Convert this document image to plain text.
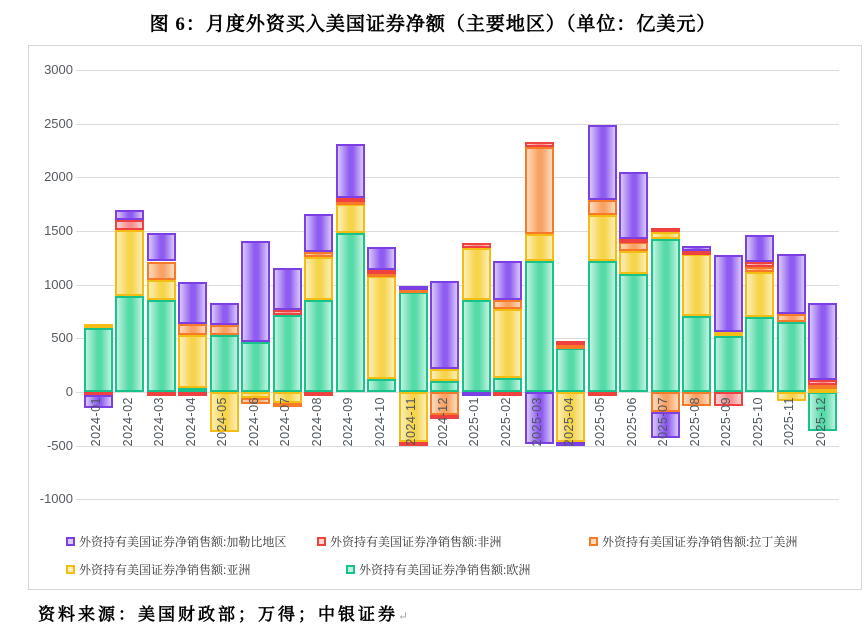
图 6：月度外资买入美国证券净额（主要地区）（单位：亿美元）
3000
2500
2000
1500
1000
500
0
-500
-1000
2024-01 2024-02 2024-03 2024-04 2024-05 2024-06 2024-07 2024-08 2024-09 2024-10 2024-11 2024-12 2025-01 2025-02 2025-03 2025-04 2025-05 2025-06 2025-07 2025-08 2025-09 2025-10 2025-11 2025-12
外资持有美国证券净销售额:加勒比地区	外资持有美国证券净销售额:非洲	外资持有美国证券净销售额:拉丁美洲
外资持有美国证券净销售额:亚洲	外资持有美国证券净销售额:欧洲
资料来源：美国财政部；万得；中银证券↵
